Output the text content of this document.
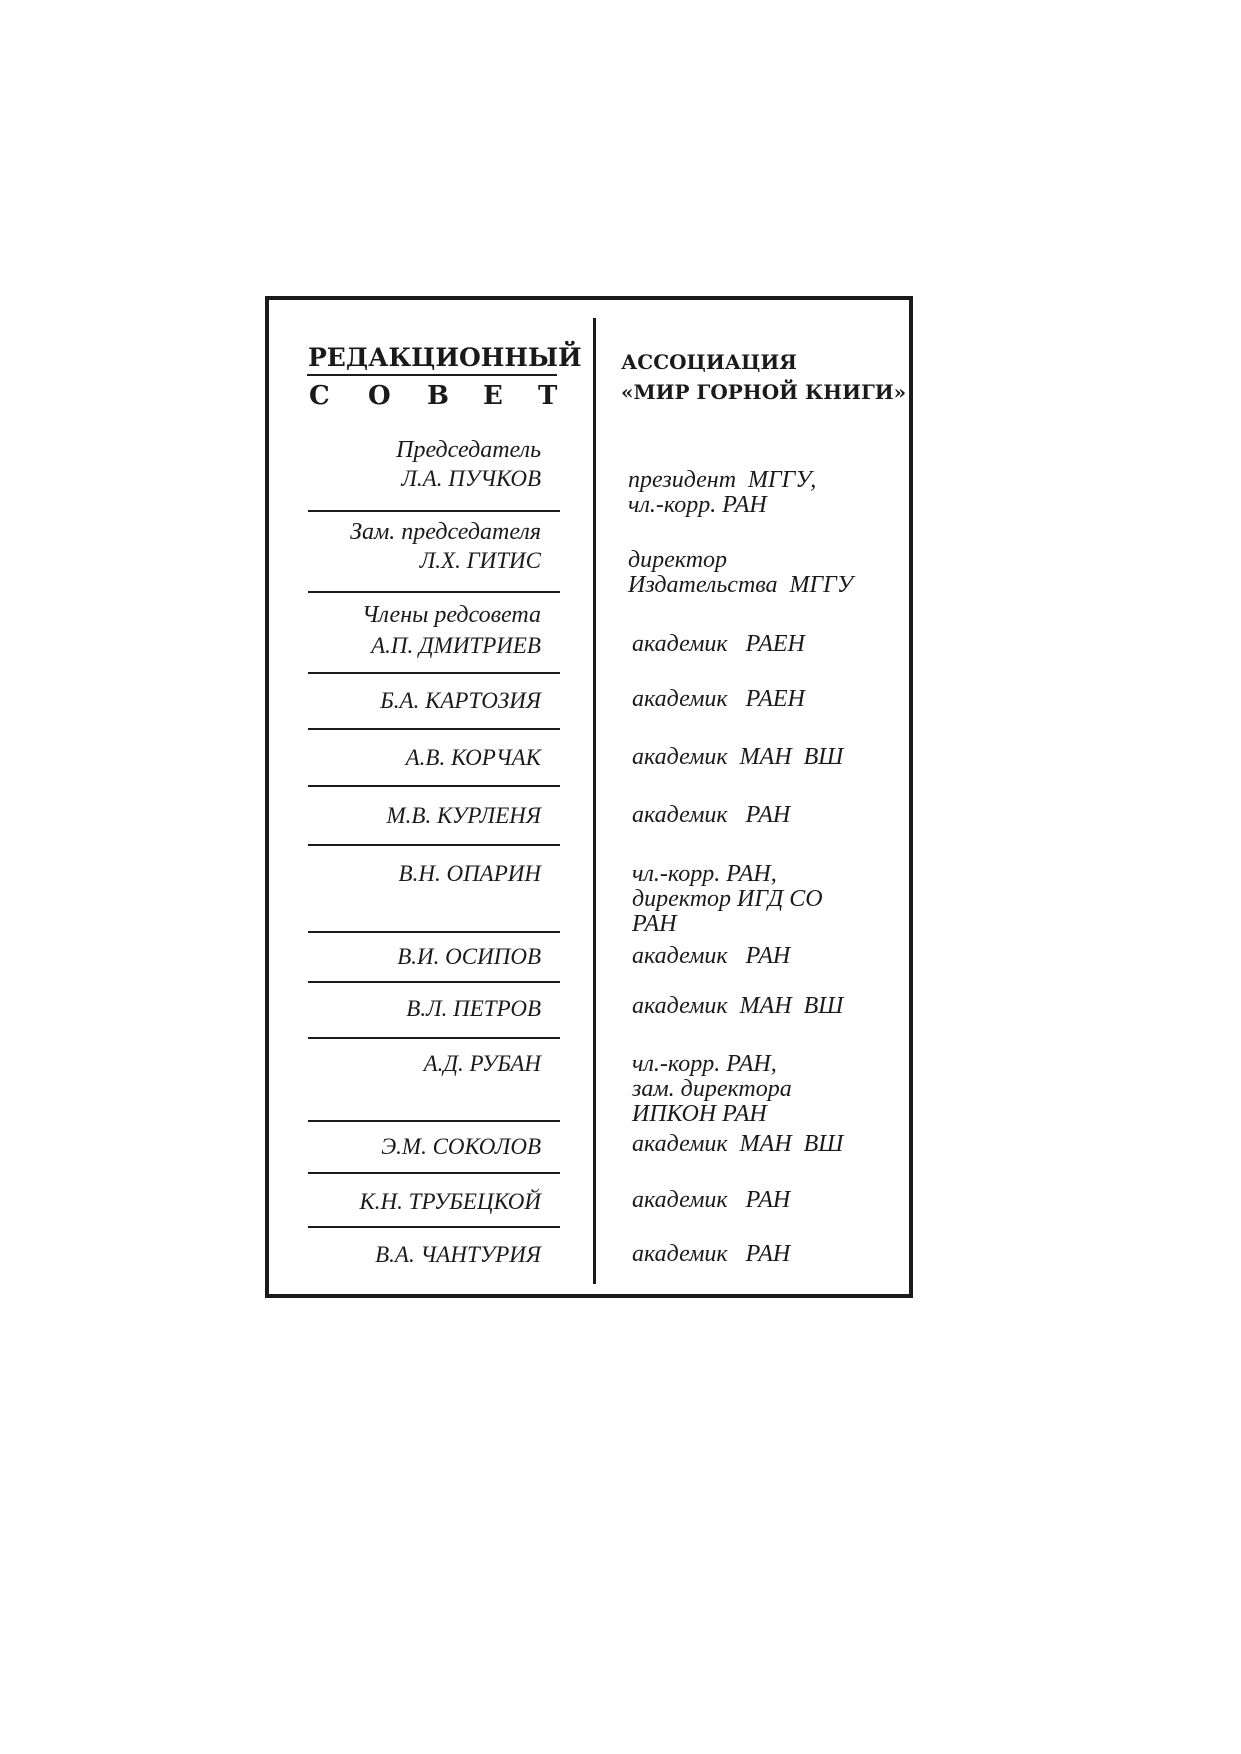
РЕДАКЦИОННЫЙ
С О В Е Т
АССОЦИАЦИЯ
«МИР ГОРНОЙ КНИГИ»
Председатель
Л.А. ПУЧКОВ	президент  МГГУ,
чл.-корр. РАН
Зам. председателя
Л.Х. ГИТИС	директор
Издательства  МГГУ
Члены редсовета
А.П. ДМИТРИЕВ	академик   РАЕН
Б.А. КАРТОЗИЯ	академик   РАЕН
А.В. КОРЧАК	академик  МАН  ВШ
М.В. КУРЛЕНЯ	академик   РАН
В.Н. ОПАРИН	чл.-корр. РАН,
директор ИГД СО
РАН
В.И. ОСИПОВ	академик   РАН
В.Л. ПЕТРОВ	академик  МАН  ВШ
А.Д. РУБАН	чл.-корр. РАН,
зам. директора
ИПКОН РАН
Э.М. СОКОЛОВ	академик  МАН  ВШ
К.Н. ТРУБЕЦКОЙ	академик   РАН
В.А. ЧАНТУРИЯ	академик   РАН
